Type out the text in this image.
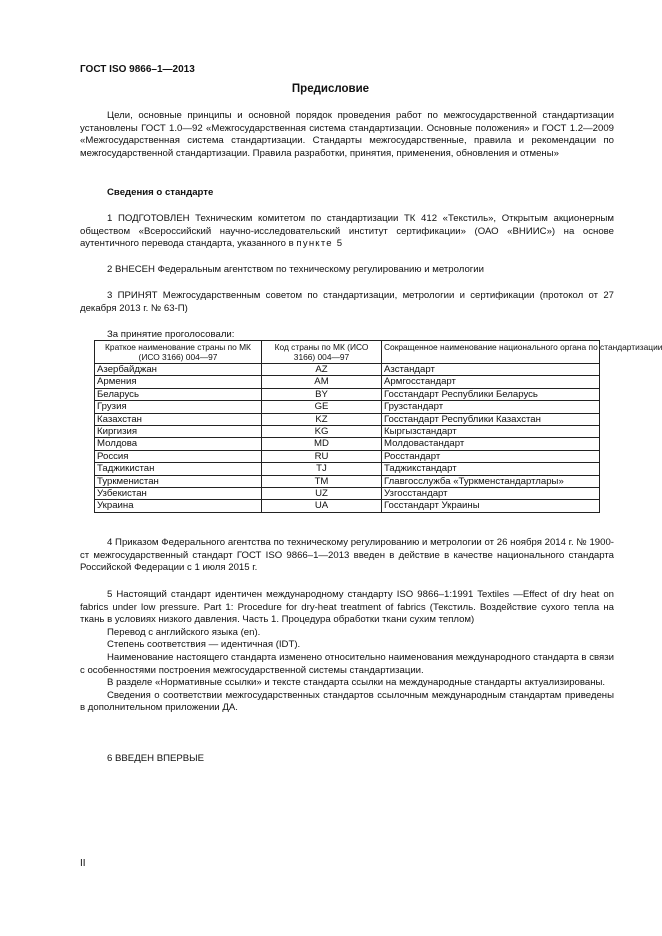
ГОСТ ISO 9866–1—2013
Предисловие

Цели, основные принципы и основной порядок проведения работ по межгосударственной стандартизации установлены ГОСТ 1.0—92 «Межгосударственная система стандартизации. Основные положения» и ГОСТ 1.2—2009 «Межгосударственная система стандартизации. Стандарты межгосударственные, правила и рекомендации по межгосударственной стандартизации. Правила разработки, принятия, применения, обновления и отмены»

Сведения о стандарте

1 ПОДГОТОВЛЕН Техническим комитетом по стандартизации ТК 412 «Текстиль», Открытым акционерным обществом «Всероссийский научно-исследовательский институт сертификации» (ОАО «ВНИИС») на основе аутентичного перевода стандарта, указанного в пункте 5

2 ВНЕСЕН Федеральным агентством по техническому регулированию и метрологии

3 ПРИНЯТ Межгосударственным советом по стандартизации, метрологии и сертификации (протокол от 27 декабря 2013 г. № 63-П)

За принятие проголосовали:
Краткое наименование страны по МК (ИСО 3166) 004—97	Код страны по МК (ИСО 3166) 004—97	Сокращенное наименование национального органа по стандартизации
Азербайджан	AZ	Азстандарт
Армения	AM	Армгосстандарт
Беларусь	BY	Госстандарт Республики Беларусь
Грузия	GE	Грузстандарт
Казахстан	KZ	Госстандарт Республики Казахстан
Киргизия	KG	Кыргызстандарт
Молдова	MD	Молдовастандарт
Россия	RU	Росстандарт
Таджикистан	TJ	Таджикстандарт
Туркменистан	TM	Главгосслужба «Туркменстандартлары»
Узбекистан	UZ	Узгосстандарт
Украина	UA	Госстандарт Украины

4 Приказом Федерального агентства по техническому регулированию и метрологии от 26 ноября 2014 г. № 1900-ст межгосударственный стандарт ГОСТ ISO 9866–1—2013 введен в действие в качестве национального стандарта Российской Федерации с 1 июля 2015 г.

5 Настоящий стандарт идентичен международному стандарту ISO 9866–1:1991 Textiles —Effect of dry heat on fabrics under low pressure. Part 1: Procedure for dry-heat treatment of fabrics (Текстиль. Воздействие сухого тепла на ткань в условиях низкого давления. Часть 1. Процедура обработки ткани сухим теплом)

Перевод с английского языка (en).

Степень соответствия — идентичная (IDT).

Наименование настоящего стандарта изменено относительно наименования международного стандарта в связи с особенностями построения межгосударственной системы стандартизации.

В разделе «Нормативные ссылки» и тексте стандарта ссылки на международные стандарты актуализированы.

Сведения о соответствии межгосударственных стандартов ссылочным международным стандартам приведены в дополнительном приложении ДА.

6 ВВЕДЕН ВПЕРВЫЕ

II
